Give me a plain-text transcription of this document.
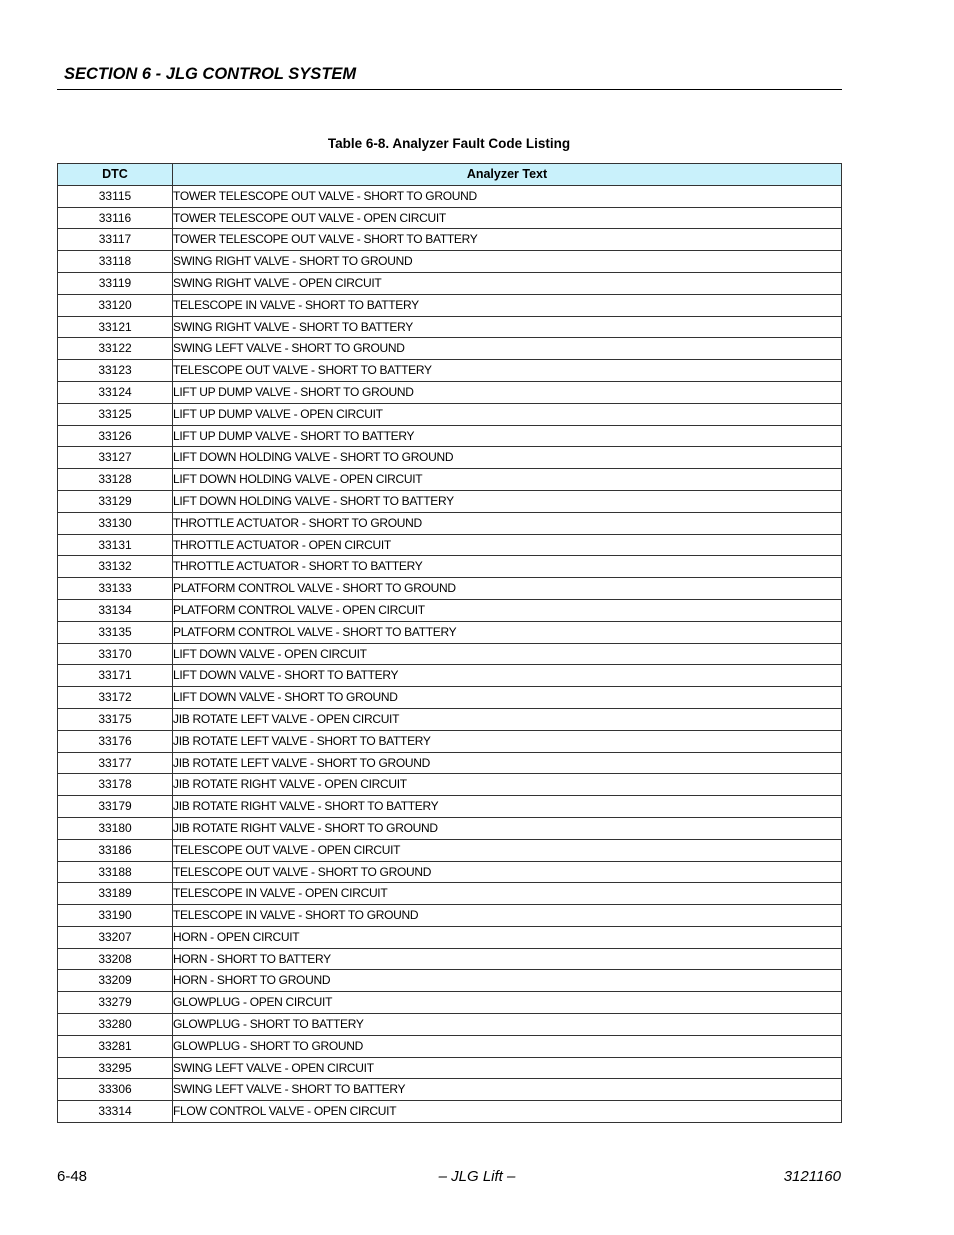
SECTION 6 - JLG CONTROL SYSTEM
Table 6-8. Analyzer Fault Code Listing
DTC	Analyzer Text
33115	TOWER TELESCOPE OUT VALVE - SHORT TO GROUND
33116	TOWER TELESCOPE OUT VALVE - OPEN CIRCUIT
33117	TOWER TELESCOPE OUT VALVE - SHORT TO BATTERY
33118	SWING RIGHT VALVE - SHORT TO GROUND
33119	SWING RIGHT VALVE - OPEN CIRCUIT
33120	TELESCOPE IN VALVE - SHORT TO BATTERY
33121	SWING RIGHT VALVE - SHORT TO BATTERY
33122	SWING LEFT VALVE - SHORT TO GROUND
33123	TELESCOPE OUT VALVE - SHORT TO BATTERY
33124	LIFT UP DUMP VALVE - SHORT TO GROUND
33125	LIFT UP DUMP VALVE - OPEN CIRCUIT
33126	LIFT UP DUMP VALVE - SHORT TO BATTERY
33127	LIFT DOWN HOLDING VALVE - SHORT TO GROUND
33128	LIFT DOWN HOLDING VALVE - OPEN CIRCUIT
33129	LIFT DOWN HOLDING VALVE - SHORT TO BATTERY
33130	THROTTLE ACTUATOR - SHORT TO GROUND
33131	THROTTLE ACTUATOR - OPEN CIRCUIT
33132	THROTTLE ACTUATOR - SHORT TO BATTERY
33133	PLATFORM CONTROL VALVE - SHORT TO GROUND
33134	PLATFORM CONTROL VALVE - OPEN CIRCUIT
33135	PLATFORM CONTROL VALVE - SHORT TO BATTERY
33170	LIFT DOWN VALVE - OPEN CIRCUIT
33171	LIFT DOWN VALVE - SHORT TO BATTERY
33172	LIFT DOWN VALVE - SHORT TO GROUND
33175	JIB ROTATE LEFT VALVE - OPEN CIRCUIT
33176	JIB ROTATE LEFT VALVE - SHORT TO BATTERY
33177	JIB ROTATE LEFT VALVE - SHORT TO GROUND
33178	JIB ROTATE RIGHT VALVE - OPEN CIRCUIT
33179	JIB ROTATE RIGHT VALVE - SHORT TO BATTERY
33180	JIB ROTATE RIGHT VALVE - SHORT TO GROUND
33186	TELESCOPE OUT VALVE - OPEN CIRCUIT
33188	TELESCOPE OUT VALVE - SHORT TO GROUND
33189	TELESCOPE IN VALVE - OPEN CIRCUIT
33190	TELESCOPE IN VALVE - SHORT TO GROUND
33207	HORN - OPEN CIRCUIT
33208	HORN - SHORT TO BATTERY
33209	HORN - SHORT TO GROUND
33279	GLOWPLUG - OPEN CIRCUIT
33280	GLOWPLUG - SHORT TO BATTERY
33281	GLOWPLUG - SHORT TO GROUND
33295	SWING LEFT VALVE - OPEN CIRCUIT
33306	SWING LEFT VALVE - SHORT TO BATTERY
33314	FLOW CONTROL VALVE - OPEN CIRCUIT
6-48	– JLG Lift –	3121160
